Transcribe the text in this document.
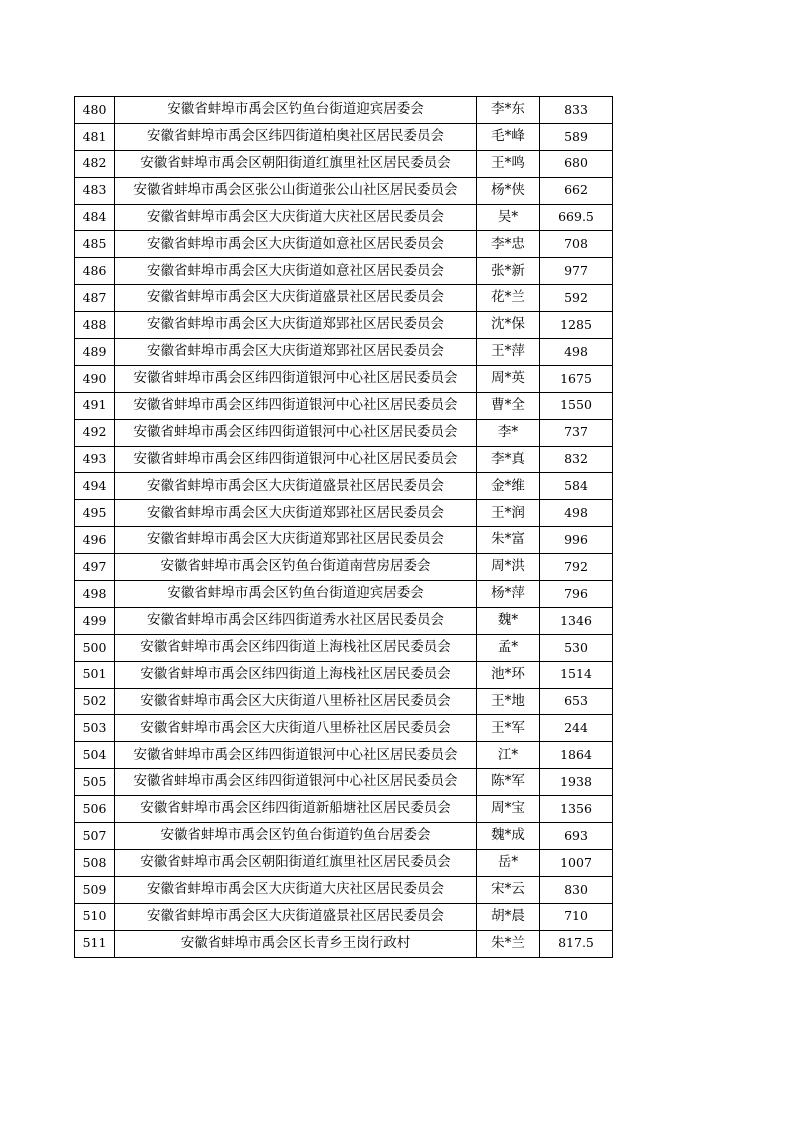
480	安徽省蚌埠市禹会区钓鱼台街道迎宾居委会	李*东	833
481	安徽省蚌埠市禹会区纬四街道柏奥社区居民委员会	毛*峰	589
482	安徽省蚌埠市禹会区朝阳街道红旗里社区居民委员会	王*鸣	680
483	安徽省蚌埠市禹会区张公山街道张公山社区居民委员会	杨*侠	662
484	安徽省蚌埠市禹会区大庆街道大庆社区居民委员会	吴*	669.5
485	安徽省蚌埠市禹会区大庆街道如意社区居民委员会	李*忠	708
486	安徽省蚌埠市禹会区大庆街道如意社区居民委员会	张*新	977
487	安徽省蚌埠市禹会区大庆街道盛景社区居民委员会	花*兰	592
488	安徽省蚌埠市禹会区大庆街道郑郢社区居民委员会	沈*保	1285
489	安徽省蚌埠市禹会区大庆街道郑郢社区居民委员会	王*萍	498
490	安徽省蚌埠市禹会区纬四街道银河中心社区居民委员会	周*英	1675
491	安徽省蚌埠市禹会区纬四街道银河中心社区居民委员会	曹*全	1550
492	安徽省蚌埠市禹会区纬四街道银河中心社区居民委员会	李*	737
493	安徽省蚌埠市禹会区纬四街道银河中心社区居民委员会	李*真	832
494	安徽省蚌埠市禹会区大庆街道盛景社区居民委员会	金*维	584
495	安徽省蚌埠市禹会区大庆街道郑郢社区居民委员会	王*润	498
496	安徽省蚌埠市禹会区大庆街道郑郢社区居民委员会	朱*富	996
497	安徽省蚌埠市禹会区钓鱼台街道南营房居委会	周*洪	792
498	安徽省蚌埠市禹会区钓鱼台街道迎宾居委会	杨*萍	796
499	安徽省蚌埠市禹会区纬四街道秀水社区居民委员会	魏*	1346
500	安徽省蚌埠市禹会区纬四街道上海栈社区居民委员会	孟*	530
501	安徽省蚌埠市禹会区纬四街道上海栈社区居民委员会	池*环	1514
502	安徽省蚌埠市禹会区大庆街道八里桥社区居民委员会	王*地	653
503	安徽省蚌埠市禹会区大庆街道八里桥社区居民委员会	王*军	244
504	安徽省蚌埠市禹会区纬四街道银河中心社区居民委员会	江*	1864
505	安徽省蚌埠市禹会区纬四街道银河中心社区居民委员会	陈*军	1938
506	安徽省蚌埠市禹会区纬四街道新船塘社区居民委员会	周*宝	1356
507	安徽省蚌埠市禹会区钓鱼台街道钓鱼台居委会	魏*成	693
508	安徽省蚌埠市禹会区朝阳街道红旗里社区居民委员会	岳*	1007
509	安徽省蚌埠市禹会区大庆街道大庆社区居民委员会	宋*云	830
510	安徽省蚌埠市禹会区大庆街道盛景社区居民委员会	胡*晨	710
511	安徽省蚌埠市禹会区长青乡王岗行政村	朱*兰	817.5
